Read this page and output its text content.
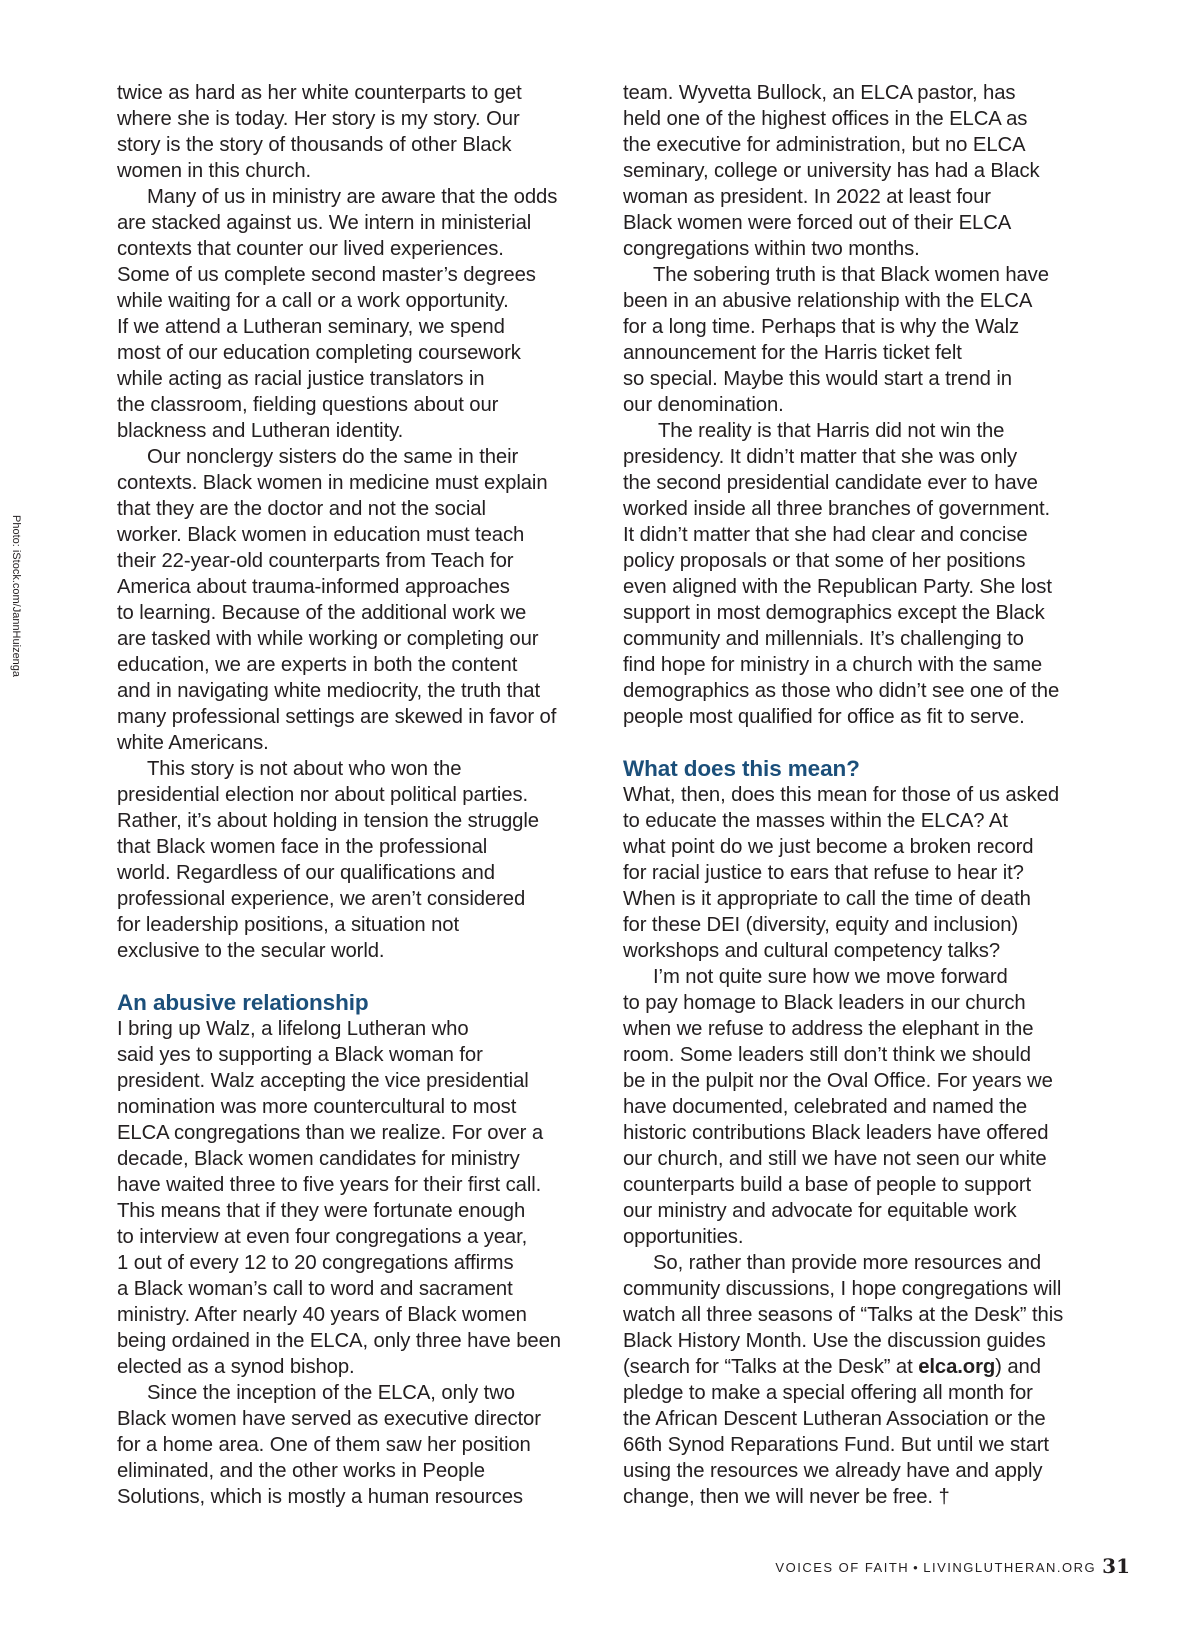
Photo: iStock.com/JannHuizenga
twice as hard as her white counterparts to get
where she is today. Her story is my story. Our
story is the story of thousands of other Black
women in this church.
Many of us in ministry are aware that the odds
are stacked against us. We intern in ministerial
contexts that counter our lived experiences.
Some of us complete second master’s degrees
while waiting for a call or a work opportunity.
If we attend a Lutheran seminary, we spend
most of our education completing coursework
while acting as racial justice translators in
the classroom, fielding questions about our
blackness and Lutheran identity.
Our nonclergy sisters do the same in their
contexts. Black women in medicine must explain
that they are the doctor and not the social
worker. Black women in education must teach
their 22-year-old counterparts from Teach for
America about trauma-informed approaches
to learning. Because of the additional work we
are tasked with while working or completing our
education, we are experts in both the content
and in navigating white mediocrity, the truth that
many professional settings are skewed in favor of
white Americans.
This story is not about who won the
presidential election nor about political parties.
Rather, it’s about holding in tension the struggle
that Black women face in the professional
world. Regardless of our qualifications and
professional experience, we aren’t considered
for leadership positions, a situation not
exclusive to the secular world.
An abusive relationship
I bring up Walz, a lifelong Lutheran who
said yes to supporting a Black woman for
president. Walz accepting the vice presidential
nomination was more countercultural to most
ELCA congregations than we realize. For over a
decade, Black women candidates for ministry
have waited three to five years for their first call.
This means that if they were fortunate enough
to interview at even four congregations a year,
1 out of every 12 to 20 congregations affirms
a Black woman’s call to word and sacrament
ministry. After nearly 40 years of Black women
being ordained in the ELCA, only three have been
elected as a synod bishop.
Since the inception of the ELCA, only two
Black women have served as executive director
for a home area. One of them saw her position
eliminated, and the other works in People
Solutions, which is mostly a human resources
team. Wyvetta Bullock, an ELCA pastor, has
held one of the highest offices in the ELCA as
the executive for administration, but no ELCA
seminary, college or university has had a Black
woman as president. In 2022 at least four
Black women were forced out of their ELCA
congregations within two months.
The sobering truth is that Black women have
been in an abusive relationship with the ELCA
for a long time. Perhaps that is why the Walz
announcement for the Harris ticket felt
so special. Maybe this would start a trend in
our denomination.
The reality is that Harris did not win the
presidency. It didn’t matter that she was only
the second presidential candidate ever to have
worked inside all three branches of government.
It didn’t matter that she had clear and concise
policy proposals or that some of her positions
even aligned with the Republican Party. She lost
support in most demographics except the Black
community and millennials. It’s challenging to
find hope for ministry in a church with the same
demographics as those who didn’t see one of the
people most qualified for office as fit to serve.
What does this mean?
What, then, does this mean for those of us asked
to educate the masses within the ELCA? At
what point do we just become a broken record
for racial justice to ears that refuse to hear it?
When is it appropriate to call the time of death
for these DEI (diversity, equity and inclusion)
workshops and cultural competency talks?
I’m not quite sure how we move forward
to pay homage to Black leaders in our church
when we refuse to address the elephant in the
room. Some leaders still don’t think we should
be in the pulpit nor the Oval Office. For years we
have documented, celebrated and named the
historic contributions Black leaders have offered
our church, and still we have not seen our white
counterparts build a base of people to support
our ministry and advocate for equitable work
opportunities.
So, rather than provide more resources and
community discussions, I hope congregations will
watch all three seasons of “Talks at the Desk” this
Black History Month. Use the discussion guides
(search for “Talks at the Desk” at elca.org) and
pledge to make a special offering all month for
the African Descent Lutheran Association or the
66th Synod Reparations Fund. But until we start
using the resources we already have and apply
change, then we will never be free. †
VOICES OF FAITH • LIVINGLUTHERAN.ORG 31
